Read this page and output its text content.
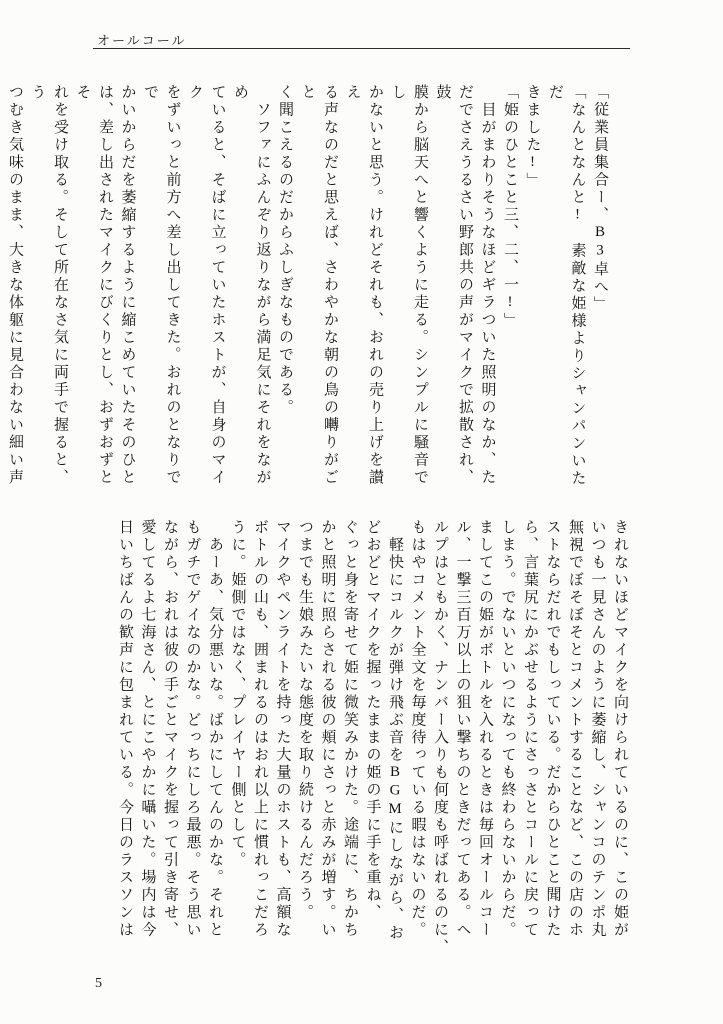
オールコール
「従業員集合ー、B3卓へ」
「なんとなんと!　素敵な姫様よりシャンパンいただ
きました!」
「姫のひとこと三、二、一!」
　目がまわりそうなほどギラついた照明のなか、た
だでさえうるさい野郎共の声がマイクで拡散され、鼓
膜から脳天へと響くように走る。シンプルに騒音でし
かないと思う。けれどそれも、おれの売り上げを讃え
る声なのだと思えば、さわやかな朝の鳥の囀りがごと
く聞こえるのだからふしぎなものである。
　ソファにふんぞり返りながら満足気にそれをながめ
ていると、そばに立っていたホストが、自身のマイク
をずいっと前方へ差し出してきた。おれのとなりでで
かいからだを萎縮するように縮こめていたそのひと
は、差し出されたマイクにびくりとし、おずおずとそ
れを受け取る。そして所在なさ気に両手で握ると、う
つむき気味のまま、大きな体躯に見合わない細い声
きれないほどマイクを向けられているのに、この姫が
いつも一見さんのように萎縮し、シャンコのテンポ丸
無視でぼそぼそとコメントすることなど、この店のホ
ストならだれでもしっている。だからひとこと聞けた
ら、言葉尻にかぶせるようにさっさとコールに戻って
しまう。でないといつになっても終わらないからだ。
ましてこの姫がボトルを入れるときは毎回オールコー
ル、一撃三百万以上の狙い撃ちのときだってある。ヘ
ルプはともかく、ナンバー入りも何度も呼ばれるのに、
もはやコメント全文を毎度待っている暇はないのだ。
　軽快にコルクが弾け飛ぶ音をBGMにしながら、お
どおどとマイクを握ったままの姫の手に手を重ね、
ぐっと身を寄せて姫に微笑みかけた。途端に、ちかち
かと照明に照らされる彼の頬にさっと赤みが増す。い
つまでも生娘みたいな態度を取り続けるんだろう。
マイクやペンライトを持った大量のホストも、高額な
ボトルの山も、囲まれるのはおれ以上に慣れっこだろ
うに。姫側ではなく、プレイヤー側として。
　あーあ、気分悪いな。ばかにしてんのかな。それと
もガチでゲイなのかな。どっちにしろ最悪。そう思い
ながら、おれは彼の手ごとマイクを握って引き寄せ、
愛してるよ七海さん、とにこやかに囁いた。場内は今
日いちばんの歓声に包まれている。今日のラスソンは
5
